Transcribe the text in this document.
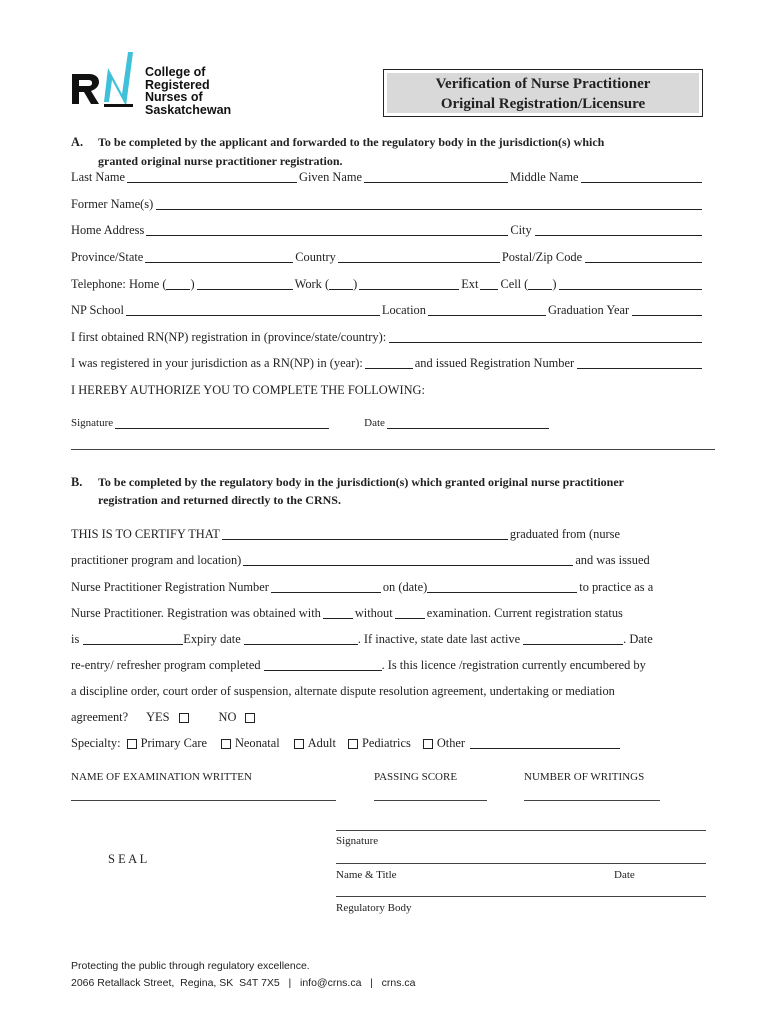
College of
Registered
Nurses of
Saskatchewan
Verification of Nurse Practitioner
Original Registration/Licensure
A. To be completed by the applicant and forwarded to the regulatory body in the jurisdiction(s) which
granted original nurse practitioner registration.
Last Name	Given Name	Middle Name
Former Name(s)
Home Address	City
Province/State	Country	Postal/Zip Code
Telephone: Home ( )	Work ( )	Ext Cell ( )
NP School	Location	Graduation Year
I first obtained RN(NP) registration in (province/state/country):
I was registered in your jurisdiction as a RN(NP) in (year):	and issued Registration Number
I HEREBY AUTHORIZE YOU TO COMPLETE THE FOLLOWING:
Signature	Date
B. To be completed by the regulatory body in the jurisdiction(s) which granted original nurse practitioner
registration and returned directly to the CRNS.
THIS IS TO CERTIFY THAT	graduated from (nurse
practitioner program and location)	and was issued
Nurse Practitioner Registration Number	on (date)	to practice as a
Nurse Practitioner. Registration was obtained with	without	examination. Current registration status
is	Expiry date	. If inactive, state date last active	. Date
re-entry/ refresher program completed	. Is this licence /registration currently encumbered by
a discipline order, court order of suspension, alternate dispute resolution agreement, undertaking or mediation
agreement? YES	NO
Specialty: Primary Care Neonatal Adult Pediatrics Other
NAME OF EXAMINATION WRITTEN	PASSING SCORE	NUMBER OF WRITINGS
Signature
S E A L
Name & Title	Date
Regulatory Body
Protecting the public through regulatory excellence.
2066 Retallack Street,  Regina, SK  S4T 7X5   |   info@crns.ca   |   crns.ca
